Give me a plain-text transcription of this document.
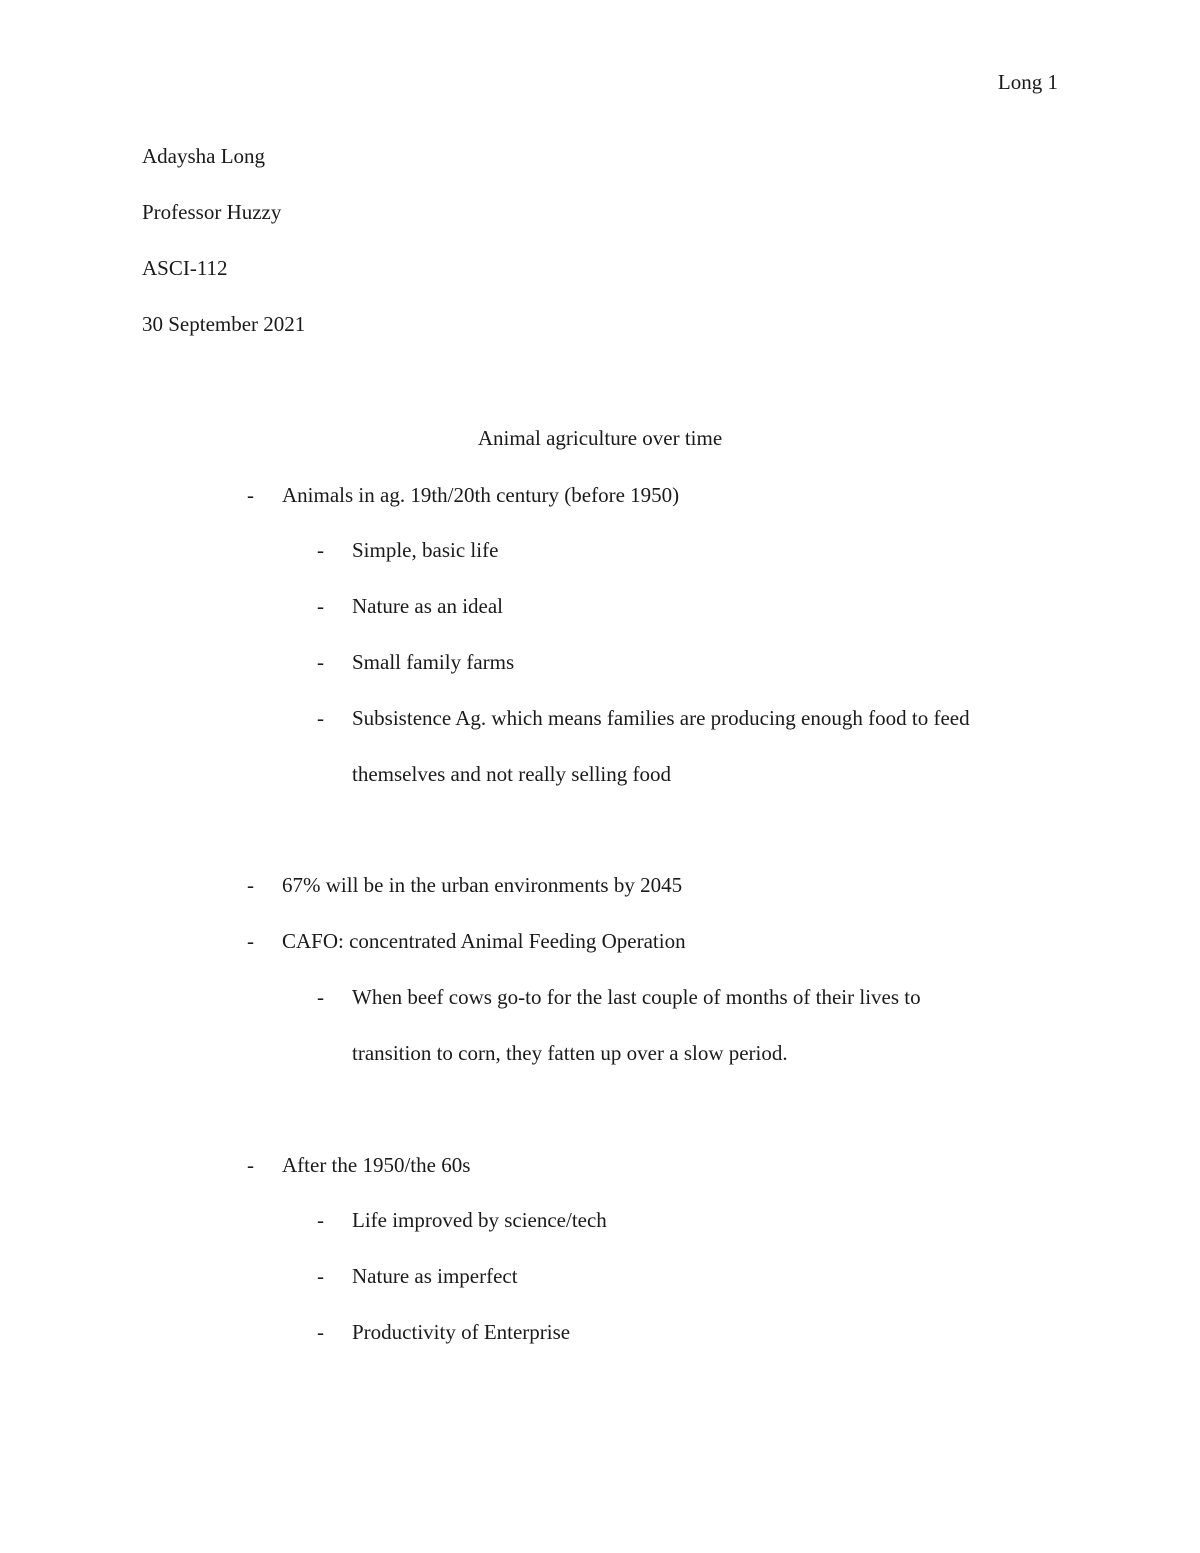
Long 1
Adaysha Long
Professor Huzzy
ASCI-112
30 September 2021
Animal agriculture over time
- Animals in ag. 19th/20th century (before 1950)
- Simple, basic life
- Nature as an ideal
- Small family farms
- Subsistence Ag. which means families are producing enough food to feed
themselves and not really selling food
- 67% will be in the urban environments by 2045
- CAFO: concentrated Animal Feeding Operation
- When beef cows go-to for the last couple of months of their lives to
transition to corn, they fatten up over a slow period.
- After the 1950/the 60s
- Life improved by science/tech
- Nature as imperfect
- Productivity of Enterprise
